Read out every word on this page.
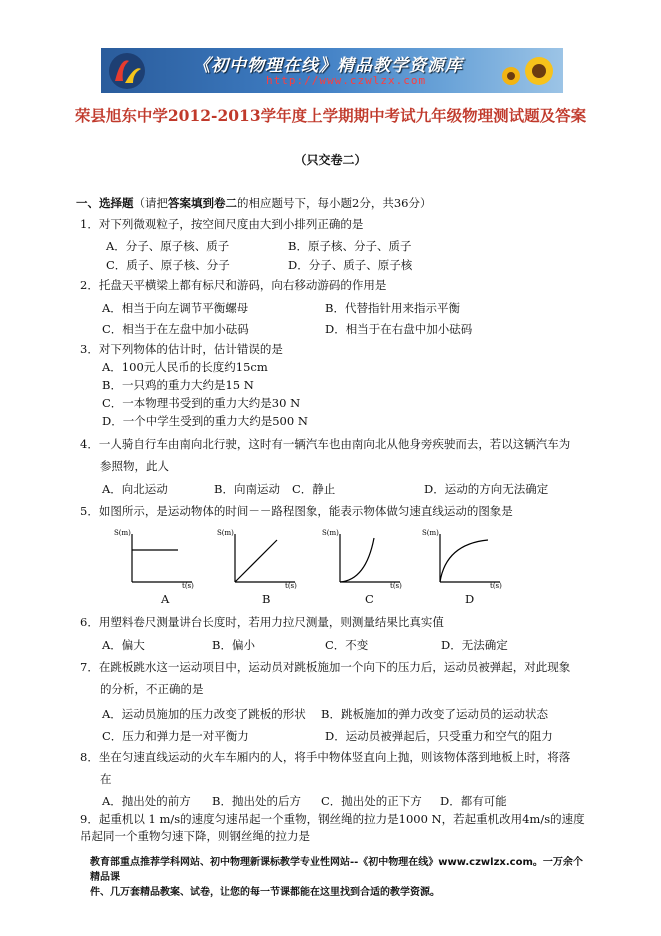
《初中物理在线》精品教学资源库
http://www.czwlzx.com
荣县旭东中学2012-2013学年度上学期期中考试九年级物理测试题及答案
（只交卷二）
一、选择题（请把答案填到卷二的相应题号下，每小题2分，共36分）
1．对下列微观粒子，按空间尺度由大到小排列正确的是
A．分子、原子核、质子	B．原子核、分子、质子
C．质子、原子核、分子	D．分子、质子、原子核
2．托盘天平横梁上都有标尺和游码，向右移动游码的作用是
A．相当于向左调节平衡螺母	B．代替指针用来指示平衡
C．相当于在左盘中加小砝码	D．相当于在右盘中加小砝码
3．对下列物体的估计时，估计错误的是
A．100元人民币的长度约15cm
B．一只鸡的重力大约是15 N
C．一本物理书受到的重力大约是30 N
D．一个中学生受到的重力大约是500 N
4．一人骑自行车由南向北行驶，这时有一辆汽车也由南向北从他身旁疾驶而去，若以这辆汽车为
参照物，此人
A．向北运动	B．向南运动 C．静止	D．运动的方向无法确定
5．如图所示，是运动物体的时间－－路程图象，能表示物体做匀速直线运动的图象是
S(m)
t(s)
S(m)
t(s)
S(m)
t(s)
S(m)
t(s)
A	B	C	D
6．用塑料卷尺测量讲台长度时，若用力拉尺测量，则测量结果比真实值
A．偏大	B．偏小	C．不变	D．无法确定
7．在跳板跳水这一运动项目中，运动员对跳板施加一个向下的压力后，运动员被弹起，对此现象
的分析，不正确的是
A．运动员施加的压力改变了跳板的形状 B．跳板施加的弹力改变了运动员的运动状态
C．压力和弹力是一对平衡力	D．运动员被弹起后，只受重力和空气的阻力
8．坐在匀速直线运动的火车车厢内的人，将手中物体竖直向上抛，则该物体落到地板上时，将落
在
A．抛出处的前方 B．抛出处的后方 C．抛出处的正下方 D．都有可能
9．起重机以 1 m/s的速度匀速吊起一个重物，钢丝绳的拉力是1000 N，若起重机改用4m/s的速度
吊起同一个重物匀速下降，则钢丝绳的拉力是
教育部重点推荐学科网站、初中物理新课标教学专业性网站--《初中物理在线》www.czwlzx.com。一万余个精品课
件、几万套精品教案、试卷，让您的每一节课都能在这里找到合适的教学资源。
